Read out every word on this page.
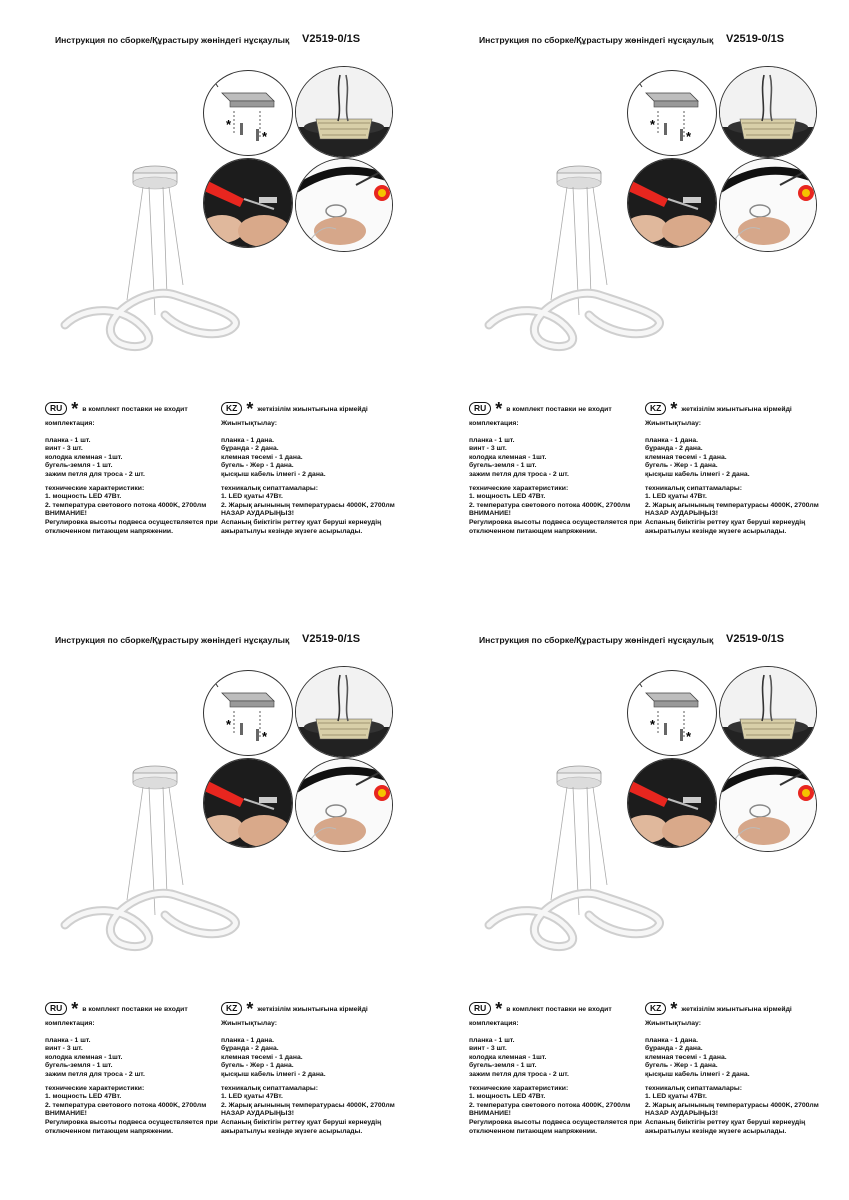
Инструкция по сборке/Құрастыру жөніндегі нұсқаулық V2519-0/1S
*
*
RU * в комплект поставки не входит	KZ * жеткізілім жиынтығына кірмейді

комплектация:

планка - 1 шт.

винт - 3 шт.

колодка клемная - 1шт.

бугель-земля - 1 шт.

зажим петля для троса - 2 шт.

технические характеристики:

1. мощность LED 47Вт.

2. температура светового потока 4000K, 2700лм

ВНИМАНИЕ!

Регулировка высоты подвеса осуществляется при отключенном питающем напряжении.

Жиынтықтылау:

планка - 1 дана.

бұранда - 2 дана.

клемная төсемі - 1 дана.

бугель - Жер - 1 дана.

қысқыш кабель ілмегі - 2 дана.

техникалық сипаттамалары:

1. LED қуаты 47Вт.

2. Жарық ағынының температурасы 4000K, 2700лм

НАЗАР АУДАРЫҢЫЗ!

Аспаның биіктігін реттеу қуат беруші кернеудің ажыратылуы кезінде жүзеге асырылады.

Инструкция по сборке/Құрастыру жөніндегі нұсқаулық V2519-0/1S
*
*
RU * в комплект поставки не входит	KZ * жеткізілім жиынтығына кірмейді

комплектация:

планка - 1 шт.

винт - 3 шт.

колодка клемная - 1шт.

бугель-земля - 1 шт.

зажим петля для троса - 2 шт.

технические характеристики:

1. мощность LED 47Вт.

2. температура светового потока 4000K, 2700лм

ВНИМАНИЕ!

Регулировка высоты подвеса осуществляется при отключенном питающем напряжении.

Жиынтықтылау:

планка - 1 дана.

бұранда - 2 дана.

клемная төсемі - 1 дана.

бугель - Жер - 1 дана.

қысқыш кабель ілмегі - 2 дана.

техникалық сипаттамалары:

1. LED қуаты 47Вт.

2. Жарық ағынының температурасы 4000K, 2700лм

НАЗАР АУДАРЫҢЫЗ!

Аспаның биіктігін реттеу қуат беруші кернеудің ажыратылуы кезінде жүзеге асырылады.

Инструкция по сборке/Құрастыру жөніндегі нұсқаулық V2519-0/1S
*
*
RU * в комплект поставки не входит	KZ * жеткізілім жиынтығына кірмейді

комплектация:

планка - 1 шт.

винт - 3 шт.

колодка клемная - 1шт.

бугель-земля - 1 шт.

зажим петля для троса - 2 шт.

технические характеристики:

1. мощность LED 47Вт.

2. температура светового потока 4000K, 2700лм

ВНИМАНИЕ!

Регулировка высоты подвеса осуществляется при отключенном питающем напряжении.

Жиынтықтылау:

планка - 1 дана.

бұранда - 2 дана.

клемная төсемі - 1 дана.

бугель - Жер - 1 дана.

қысқыш кабель ілмегі - 2 дана.

техникалық сипаттамалары:

1. LED қуаты 47Вт.

2. Жарық ағынының температурасы 4000K, 2700лм

НАЗАР АУДАРЫҢЫЗ!

Аспаның биіктігін реттеу қуат беруші кернеудің ажыратылуы кезінде жүзеге асырылады.

Инструкция по сборке/Құрастыру жөніндегі нұсқаулық V2519-0/1S
*
*
RU * в комплект поставки не входит	KZ * жеткізілім жиынтығына кірмейді

комплектация:

планка - 1 шт.

винт - 3 шт.

колодка клемная - 1шт.

бугель-земля - 1 шт.

зажим петля для троса - 2 шт.

технические характеристики:

1. мощность LED 47Вт.

2. температура светового потока 4000K, 2700лм

ВНИМАНИЕ!

Регулировка высоты подвеса осуществляется при отключенном питающем напряжении.

Жиынтықтылау:

планка - 1 дана.

бұранда - 2 дана.

клемная төсемі - 1 дана.

бугель - Жер - 1 дана.

қысқыш кабель ілмегі - 2 дана.

техникалық сипаттамалары:

1. LED қуаты 47Вт.

2. Жарық ағынының температурасы 4000K, 2700лм

НАЗАР АУДАРЫҢЫЗ!

Аспаның биіктігін реттеу қуат беруші кернеудің ажыратылуы кезінде жүзеге асырылады.
